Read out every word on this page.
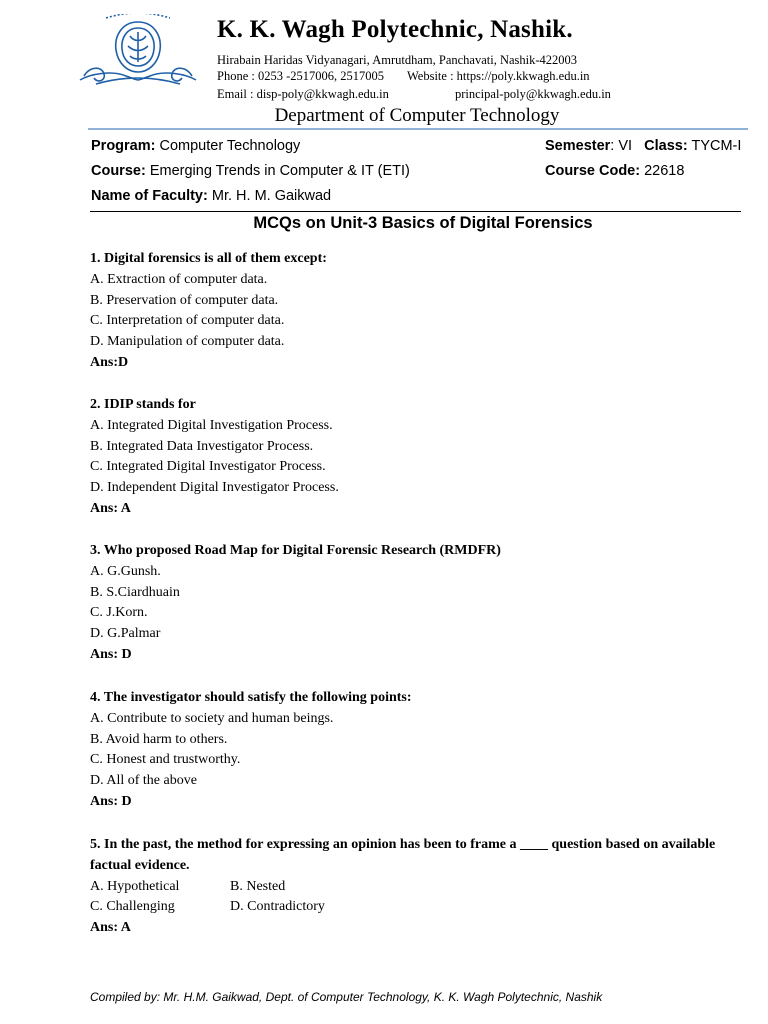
K. K. Wagh Polytechnic, Nashik.
Hirabain Haridas Vidyanagari, Amrutdham, Panchavati, Nashik-422003
Phone : 0253 -2517006, 2517005 Website : https://poly.kkwagh.edu.in
Email : disp-poly@kkwagh.edu.in	principal-poly@kkwagh.edu.in
Department of Computer Technology
Program: Computer Technology
Course: Emerging Trends in Computer & IT (ETI)
Name of Faculty: Mr. H. M. Gaikwad
Semester: VI Class: TYCM-I
Course Code: 22618
MCQs on Unit-3 Basics of Digital Forensics
1. Digital forensics is all of them except:
A. Extraction of computer data.
B. Preservation of computer data.
C. Interpretation of computer data.
D. Manipulation of computer data.
Ans:D
2. IDIP stands for
A. Integrated Digital Investigation Process.
B. Integrated Data Investigator Process.
C. Integrated Digital Investigator Process.
D. Independent Digital Investigator Process.
Ans: A
3. Who proposed Road Map for Digital Forensic Research (RMDFR)
A. G.Gunsh.
B. S.Ciardhuain
C. J.Korn.
D. G.Palmar
Ans: D
4. The investigator should satisfy the following points:
A. Contribute to society and human beings.
B. Avoid harm to others.
C. Honest and trustworthy.
D. All of the above
Ans: D
5. In the past, the method for expressing an opinion has been to frame a ____ question based on available factual evidence.
A. Hypothetical	B. Nested
C. Challenging	D. Contradictory
Ans: A
Compiled by: Mr. H.M. Gaikwad, Dept. of Computer Technology, K. K. Wagh Polytechnic, Nashik
